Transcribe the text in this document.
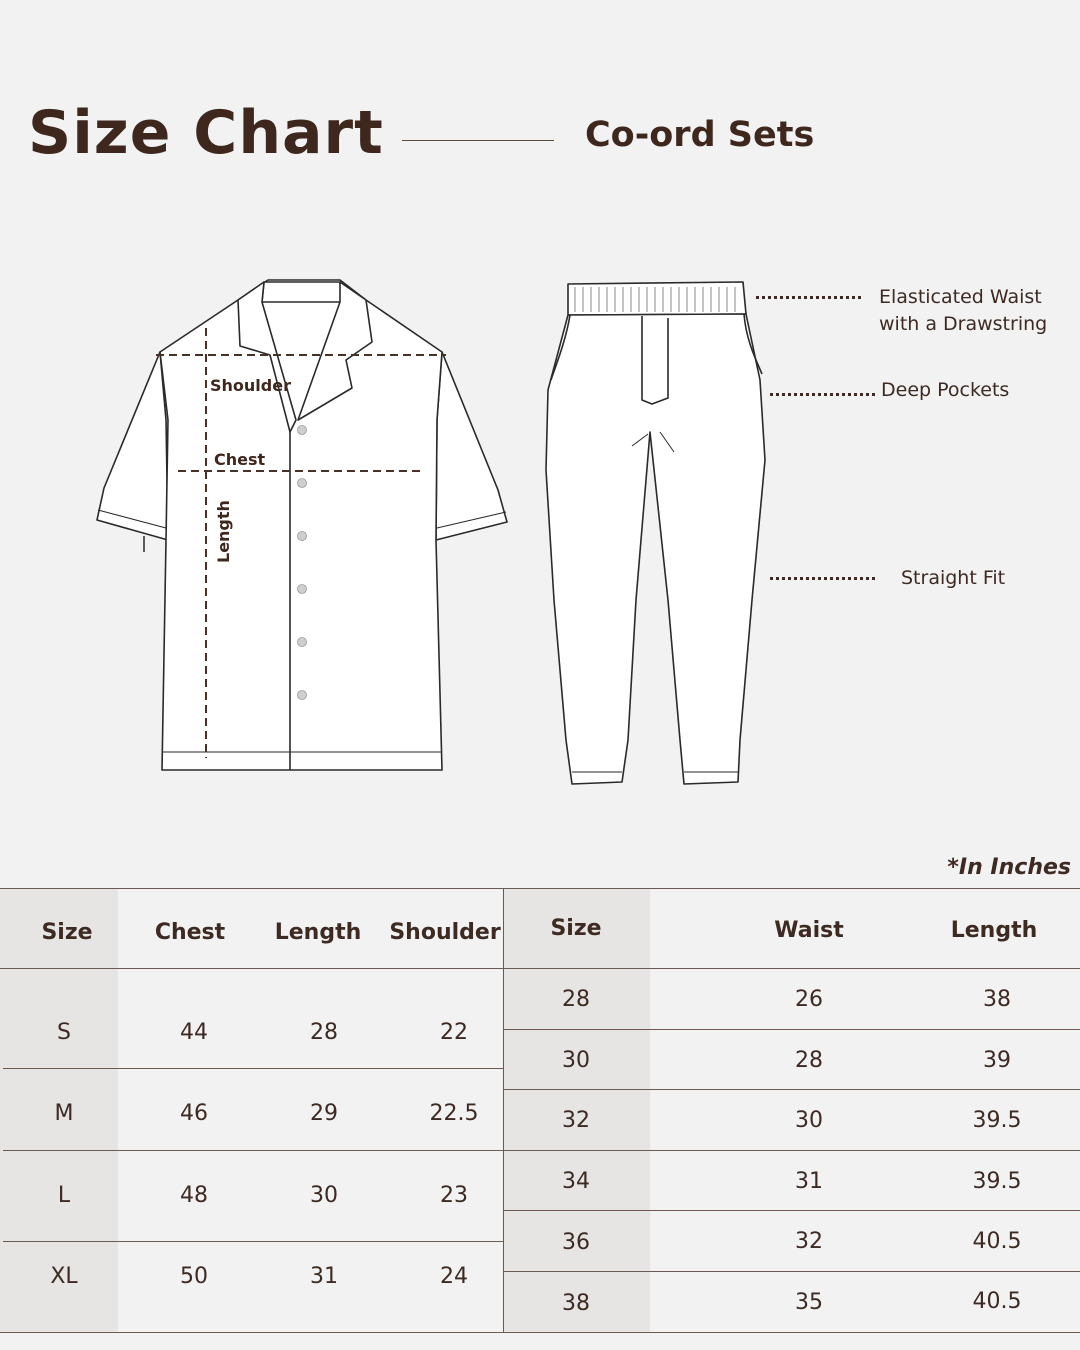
Size Chart	Co-ord Sets
Shoulder
Chest
Length
Elasticated Waist
with a Drawstring
Deep Pockets
Straight Fit
*In Inches
Size	Chest	Length	Shoulder
S	44	28	22
M	46	29	22.5
L	48	30	23
XL	50	31	24
Size	Waist	Length
28	26	38
30	28	39
32	30	39.5
34	31	39.5
36	32	40.5
38	35	40.5
